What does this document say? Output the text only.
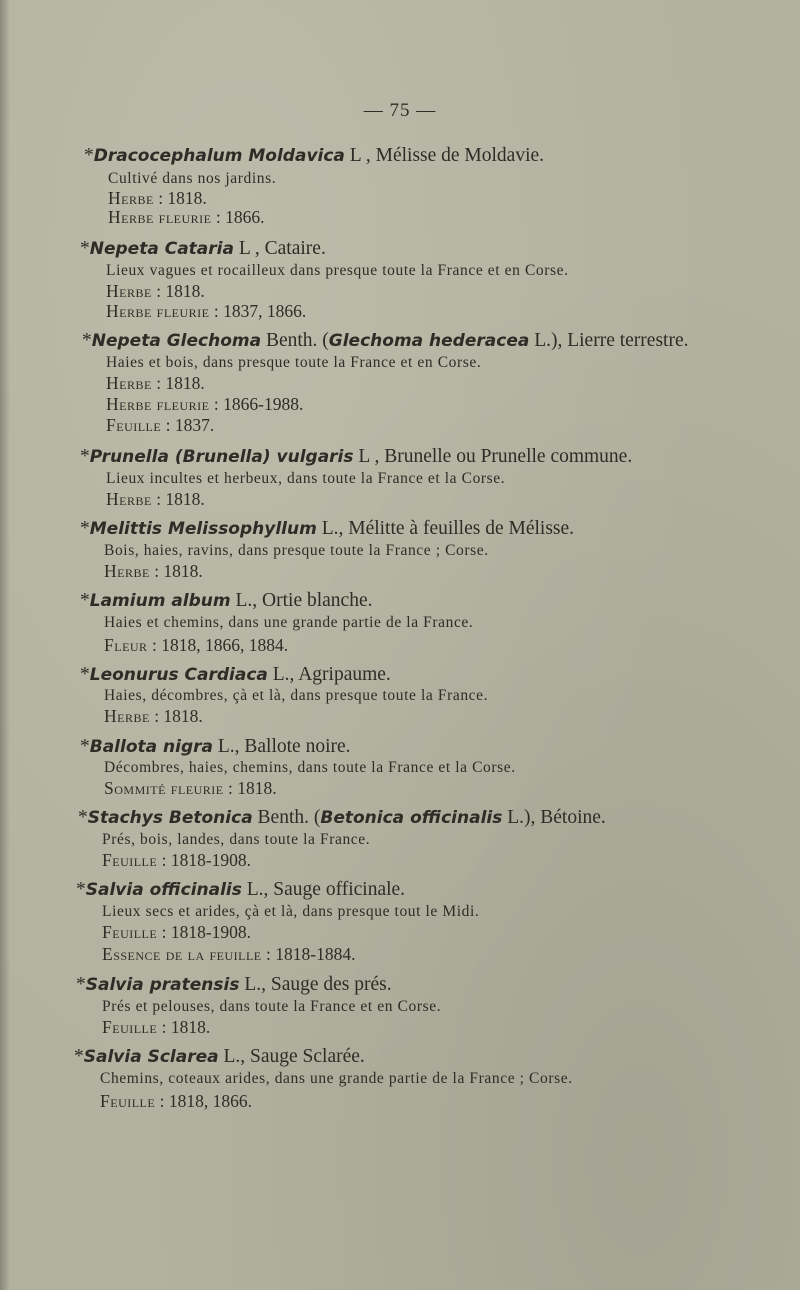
— 75 —
*Dracocephalum Moldavica L , Mélisse de Moldavie.
Cultivé dans nos jardins.
Herbe : 1818.
Herbe fleurie : 1866.
*Nepeta Cataria L , Cataire.
Lieux vagues et rocailleux dans presque toute la France et en Corse.
Herbe : 1818.
Herbe fleurie : 1837, 1866.
*Nepeta Glechoma Benth. (Glechoma hederacea L.), Lierre terrestre.
Haies et bois, dans presque toute la France et en Corse.
Herbe : 1818.
Herbe fleurie : 1866-1988.
Feuille : 1837.
*Prunella (Brunella) vulgaris L , Brunelle ou Prunelle commune.
Lieux incultes et herbeux, dans toute la France et la Corse.
Herbe : 1818.
*Melittis Melissophyllum L., Mélitte à feuilles de Mélisse.
Bois, haies, ravins, dans presque toute la France ; Corse.
Herbe : 1818.
*Lamium album L., Ortie blanche.
Haies et chemins, dans une grande partie de la France.
Fleur : 1818, 1866, 1884.
*Leonurus Cardiaca L., Agripaume.
Haies, décombres, çà et là, dans presque toute la France.
Herbe : 1818.
*Ballota nigra L., Ballote noire.
Décombres, haies, chemins, dans toute la France et la Corse.
Sommité fleurie : 1818.
*Stachys Betonica Benth. (Betonica officinalis L.), Bétoine.
Prés, bois, landes, dans toute la France.
Feuille : 1818-1908.
*Salvia officinalis L., Sauge officinale.
Lieux secs et arides, çà et là, dans presque tout le Midi.
Feuille : 1818-1908.
Essence de la feuille : 1818-1884.
*Salvia pratensis L., Sauge des prés.
Prés et pelouses, dans toute la France et en Corse.
Feuille : 1818.
*Salvia Sclarea L., Sauge Sclarée.
Chemins, coteaux arides, dans une grande partie de la France ; Corse.
Feuille : 1818, 1866.
